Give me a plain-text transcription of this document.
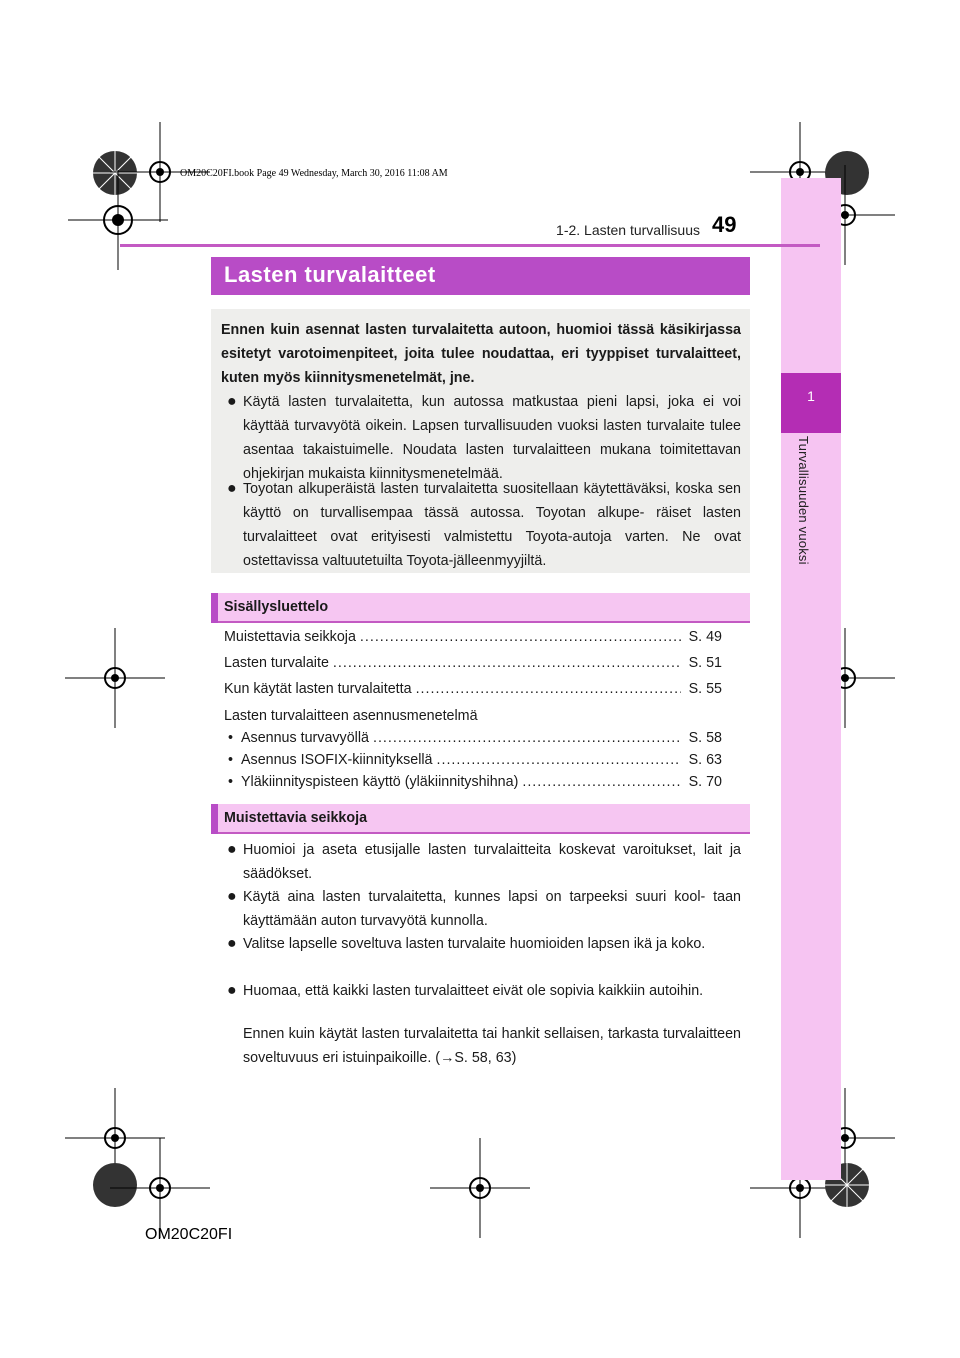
1
Turvallisuuden vuoksi
OM20C20FI.book Page 49 Wednesday, March 30, 2016 11:08 AM
1-2. Lasten turvallisuus 49
Lasten turvalaitteet
Ennen kuin asennat lasten turvalaitetta autoon, huomioi tässä käsikirjassa esitetyt varotoimenpiteet, joita tulee noudattaa, eri tyyppiset turvalaitteet, kuten myös kiinnitysmenetelmät, jne.
● Käytä lasten turvalaitetta, kun autossa matkustaa pieni lapsi, joka ei voi käyttää turvavyötä oikein. Lapsen turvallisuuden vuoksi lasten turvalaite tulee asentaa takaistuimelle. Noudata lasten turvalaitteen mukana toimitettavan ohjekirjan mukaista kiinnitysmenetelmää.
● Toyotan alkuperäistä lasten turvalaitetta suositellaan käytettäväksi, koska sen käyttö on turvallisempaa tässä autossa. Toyotan alkupe- räiset lasten turvalaitteet ovat erityisesti valmistettu Toyota-autoja varten. Ne ovat ostettavissa valtuutetuilta Toyota-jälleenmyyjiltä.
Sisällysluettelo
Muistettavia seikkoja .....	S. 49
Lasten turvalaite .....	S. 51
Kun käytät lasten turvalaitetta .....	S. 55
Lasten turvalaitteen asennusmenetelmä
• Asennus turvavyöllä .....	S. 58
• Asennus ISOFIX-kiinnityksellä .....	S. 63
• Yläkiinnityspisteen käyttö (yläkiinnityshihna) .....	S. 70
Muistettavia seikkoja
● Huomioi ja aseta etusijalle lasten turvalaitteita koskevat varoitukset, lait ja säädökset.
● Käytä aina lasten turvalaitetta, kunnes lapsi on tarpeeksi suuri kool- taan käyttämään auton turvavyötä kunnolla.
● Valitse lapselle soveltuva lasten turvalaite huomioiden lapsen ikä ja koko.
● Huomaa, että kaikki lasten turvalaitteet eivät ole sopivia kaikkiin autoihin.
Ennen kuin käytät lasten turvalaitetta tai hankit sellaisen, tarkasta turvalaitteen soveltuvuus eri istuinpaikoille. (→S. 58, 63)
OM20C20FI
